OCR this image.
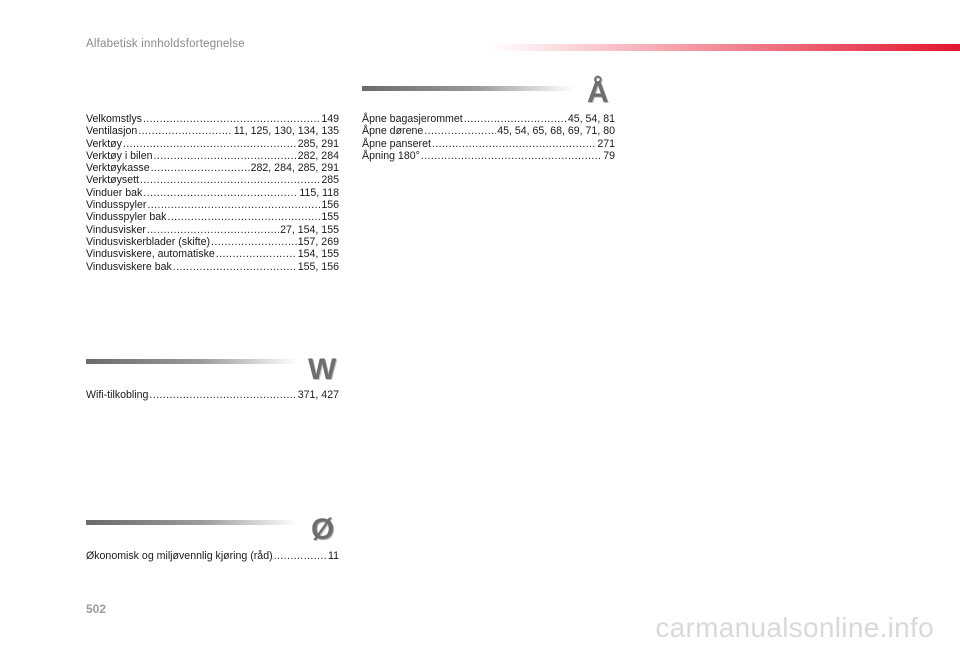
Alfabetisk innholdsfortegnelse
Velkomstlys .....	149
Ventilasjon .....	11, 125, 130, 134, 135
Verktøy .....	285, 291
Verktøy i bilen .....	282, 284
Verktøykasse .....	282, 284, 285, 291
Verktøysett .....	285
Vinduer bak .....	115, 118
Vindusspyler .....	156
Vindusspyler bak .....	155
Vindusvisker .....	27, 154, 155
Vindusviskerblader (skifte) .....	157, 269
Vindusviskere, automatiske .....	154, 155
Vindusviskere bak .....	155, 156
W
Wifi-tilkobling .....	371, 427
Ø
Økonomisk og miljøvennlig kjøring (råd) .....	11
Å
Åpne bagasjerommet .....	45, 54, 81
Åpne dørene .....	45, 54, 65, 68, 69, 71, 80
Åpne panseret .....	271
Åpning 180° .....	79
502
carmanualsonline.info
